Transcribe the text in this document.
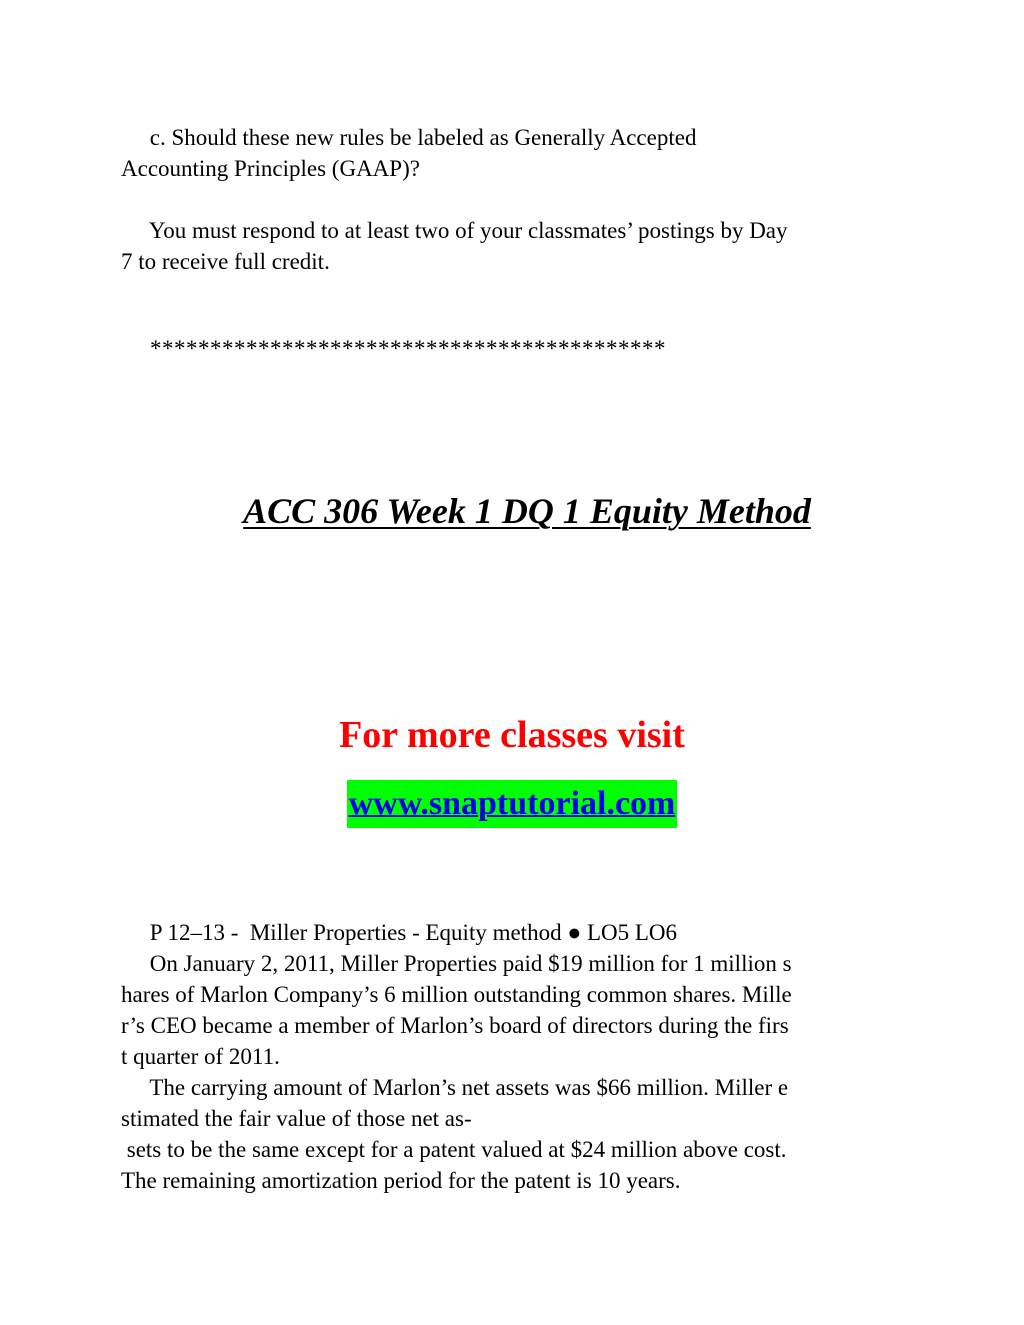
c. Should these new rules be labeled as Generally Accepted
Accounting Principles (GAAP)?
You must respond to at least two of your classmates’ postings by Day
7 to receive full credit.
*******************************************
ACC 306 Week 1 DQ 1 Equity Method
For more classes visit
www.snaptutorial.com
P 12–13 -  Miller Properties - Equity method ● LO5 LO6
On January 2, 2011, Miller Properties paid $19 million for 1 million s
hares of Marlon Company’s 6 million outstanding common shares. Mille
r’s CEO became a member of Marlon’s board of directors during the firs
t quarter of 2011.
The carrying amount of Marlon’s net assets was $66 million. Miller e
stimated the fair value of those net as-
sets to be the same except for a patent valued at $24 million above cost.
The remaining amortization period for the patent is 10 years.
